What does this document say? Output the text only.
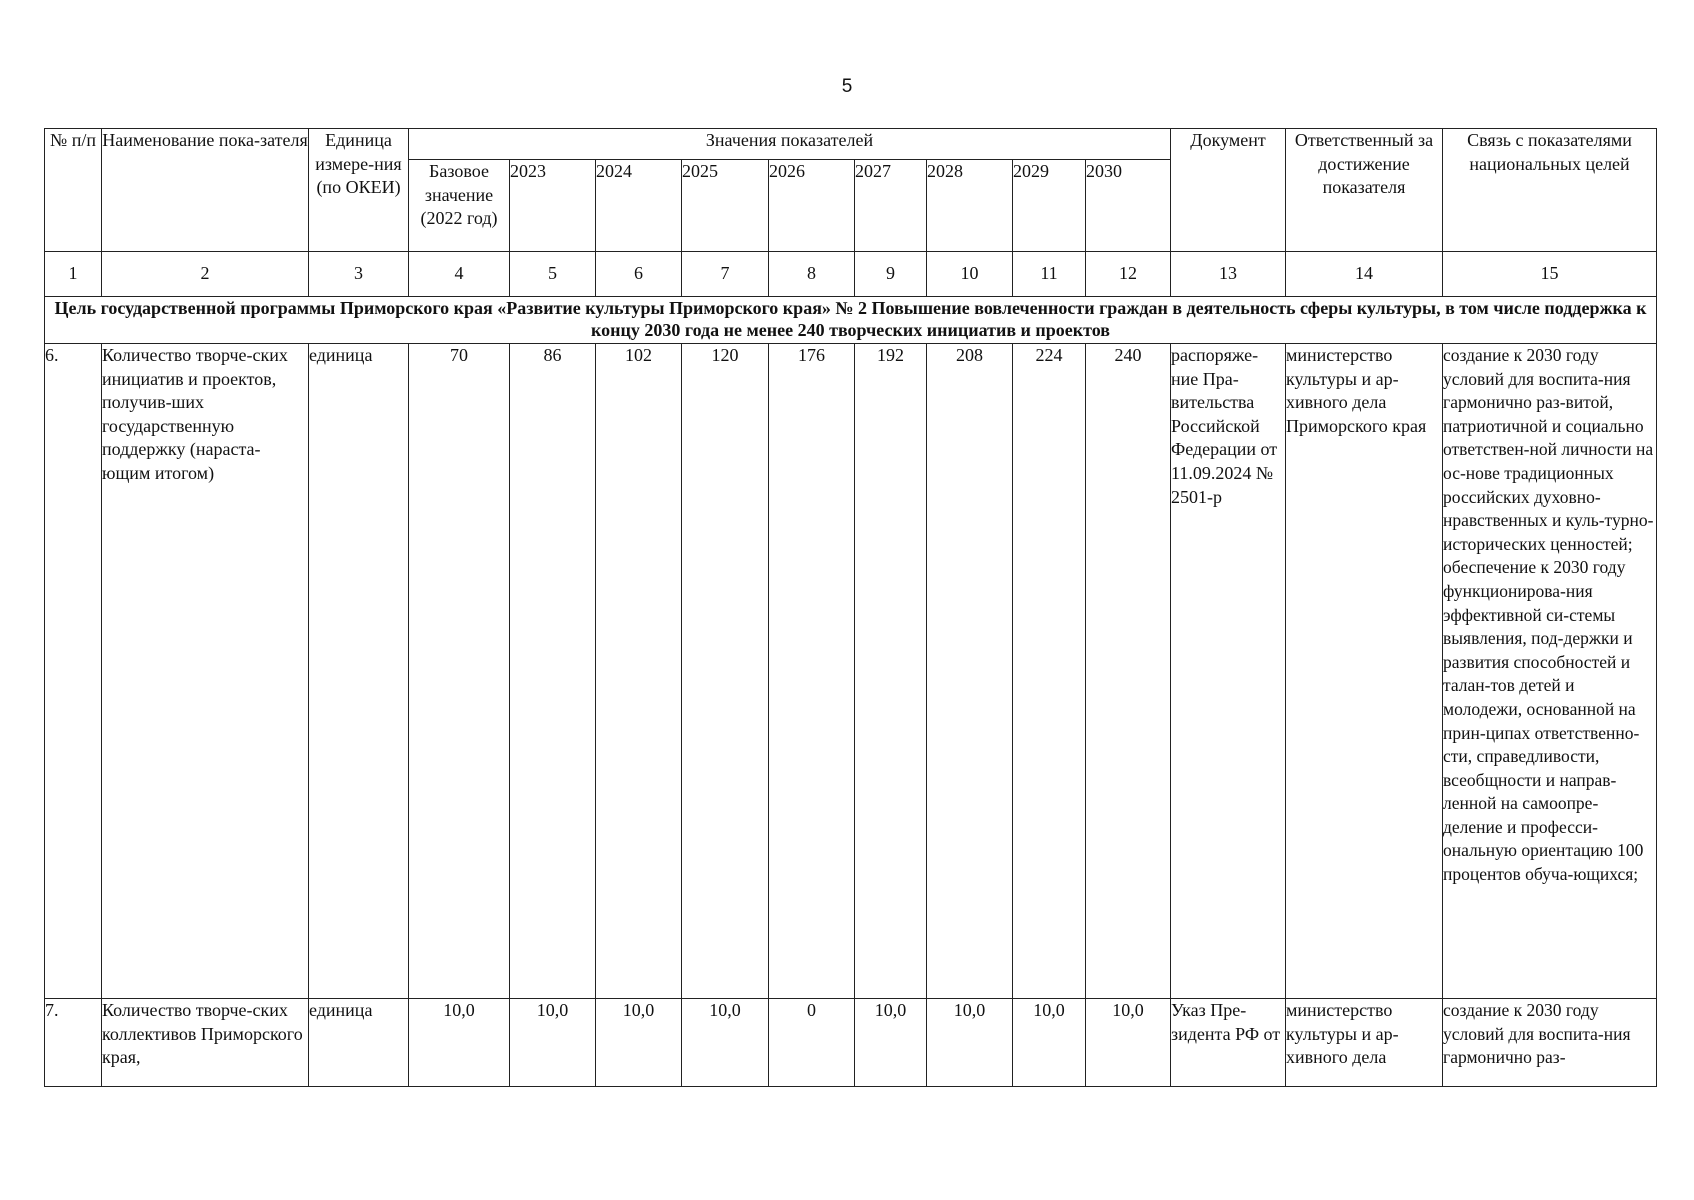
5
№ п/п	Наименование пока-зателя	Единица измере-ния (по ОКЕИ)	Значения показателей									Документ	Ответственный за достижение показателя	Связь с показателями национальных целей
			Базовое значение (2022 год)	2023	2024	2025	2026	2027	2028	2029	2030			
1	2	3	4	5	6	7	8	9	10	11	12	13	14	15
Цель государственной программы Приморского края «Развитие культуры Приморского края» № 2 Повышение вовлеченности граждан в деятельность сферы культуры, в том числе поддержка к концу 2030 года не менее 240 творческих инициатив и проектов														
6.	Количество творче-ских инициатив и проектов, получив-ших государственную поддержку (нараста-ющим итогом)	единица	70	86	102	120	176	192	208	224	240	распоряже-ние Пра-вительства Российской Федерации от 11.09.2024 № 2501-р	министерство культуры и ар-хивного дела Приморского края	создание к 2030 году условий для воспита-ния гармонично раз-витой, патриотичной и социально ответствен-ной личности на ос-нове традиционных российских духовно-нравственных и куль-турно-исторических ценностей; обеспечение к 2030 году функционирова-ния эффективной си-стемы выявления, под-держки и развития способностей и талан-тов детей и молодежи, основанной на прин-ципах ответственно-сти, справедливости, всеобщности и направ-ленной на самоопре-деление и професси-ональную ориентацию 100 процентов обуча-ющихся;
7.	Количество творче-ских коллективов Приморского края,	единица	10,0	10,0	10,0	10,0	0	10,0	10,0	10,0	10,0	Указ Пре-зидента РФ от	министерство культуры и ар-хивного дела	создание к 2030 году условий для воспита-ния гармонично раз-
